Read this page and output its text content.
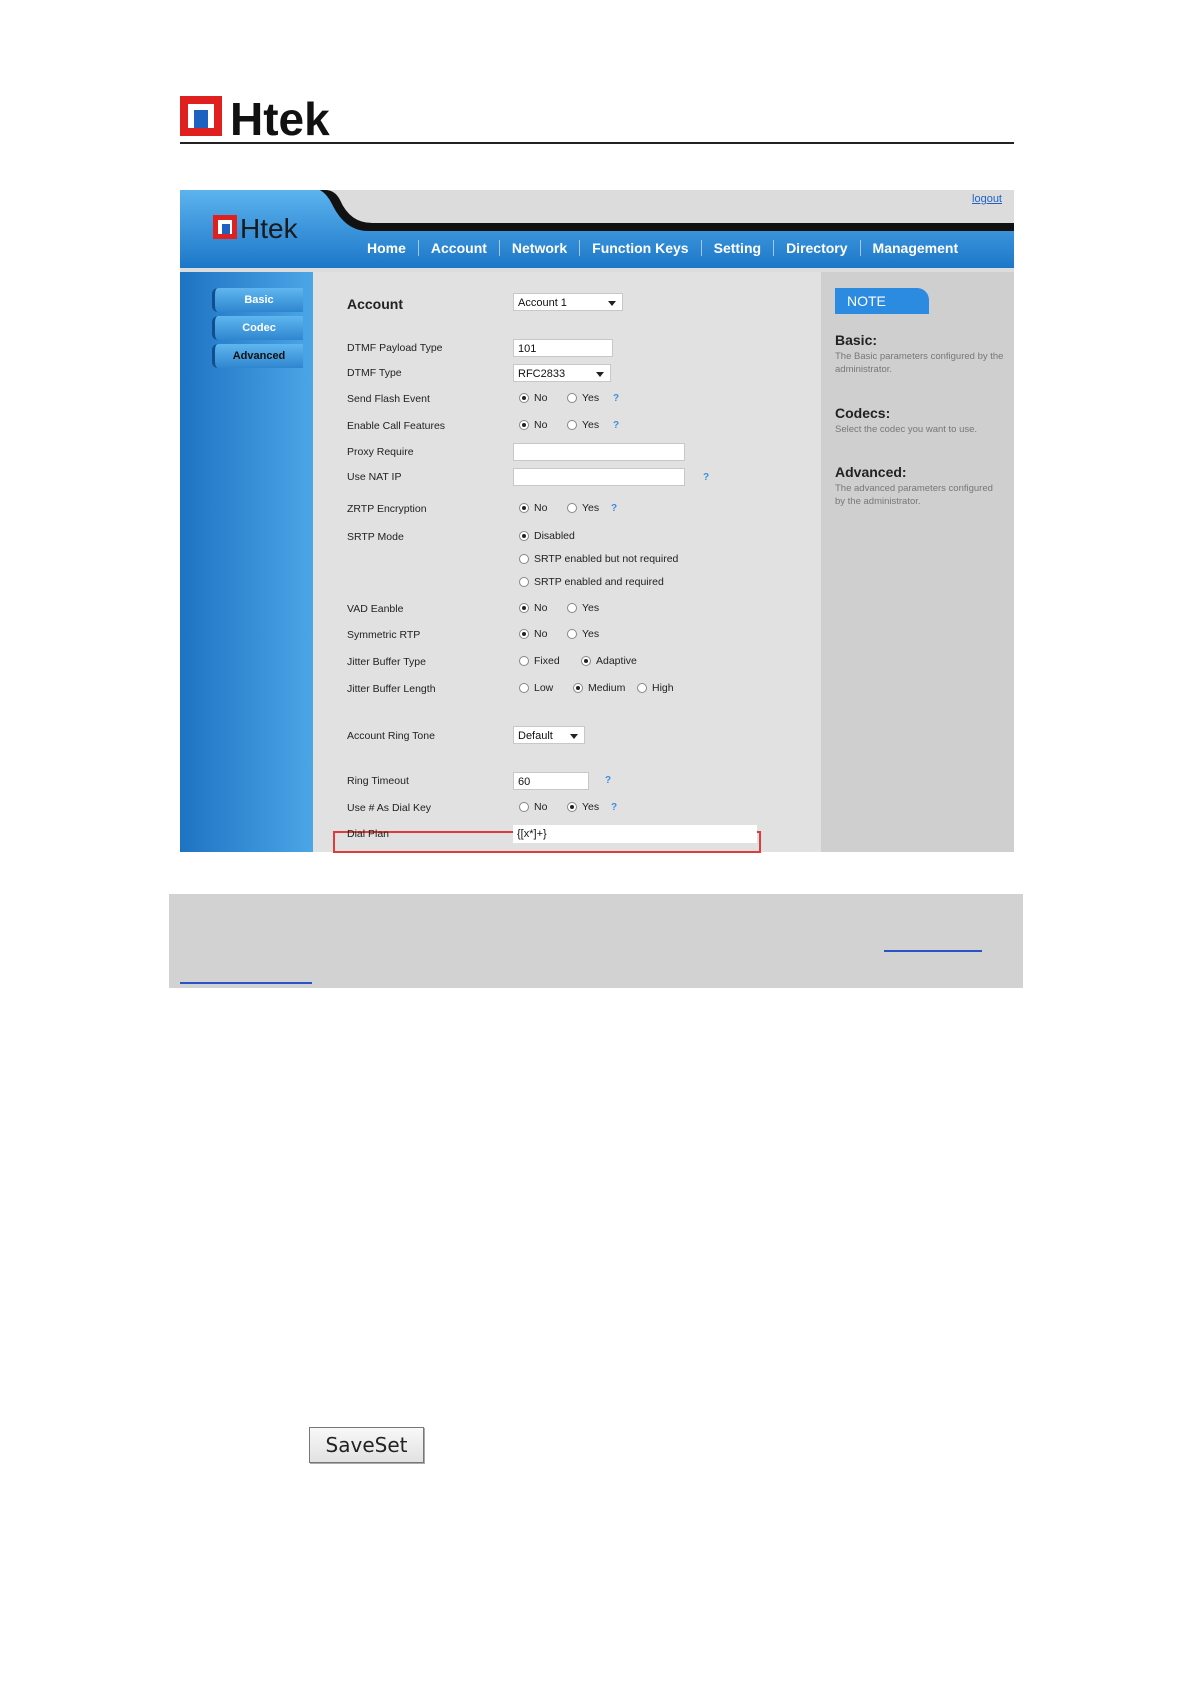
Htek
logout
Htek
Home	Account	Network	Function Keys	Setting	Directory	Management
Basic
Codec
Advanced
Account	Account 1
DTMF Payload Type	101
DTMF Type	RFC2833
Send Flash Event	No	Yes ?
Enable Call Features	No	Yes ?
Proxy Require
Use NAT IP	?
ZRTP Encryption	No	Yes ?
SRTP Mode	Disabled
SRTP enabled but not required
SRTP enabled and required
VAD Eanble	No	Yes
Symmetric RTP	No	Yes
Jitter Buffer Type	Fixed	Adaptive
Jitter Buffer Length	Low	Medium	High
Account Ring Tone	Default
Ring Timeout	60	?
Use # As Dial Key	No	Yes ?
Dial Plan	{[x*]+}
NOTE
Basic:
The Basic parameters configured by the administrator.
Codecs:
Select the codec you want to use.
Advanced:
The advanced parameters configured by the administrator.
SaveSet
